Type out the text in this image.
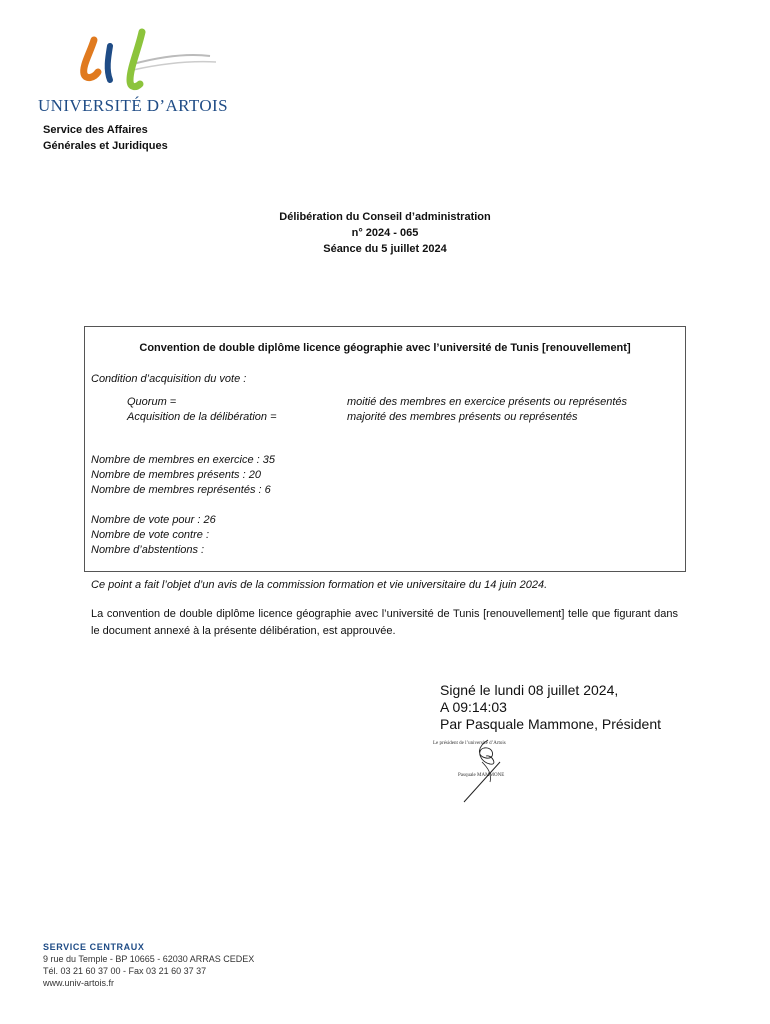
UNIVERSITÉ D’ARTOIS
Service des Affaires
Générales et Juridiques
Délibération du Conseil d’administration
n° 2024 - 065
Séance du 5 juillet 2024
Convention de double diplôme licence géographie avec l’université de Tunis [renouvellement]
Condition d’acquisition du vote :
Quorum =	moitié des membres en exercice présents ou représentés
Acquisition de la délibération =	majorité des membres présents ou représentés
Nombre de membres en exercice : 35
Nombre de membres présents : 20
Nombre de membres représentés : 6
Nombre de vote pour : 26
Nombre de vote contre :
Nombre d’abstentions :
Ce point a fait l’objet d’un avis de la commission formation et vie universitaire du 14 juin 2024.
La convention de double diplôme licence géographie avec l’université de Tunis [renouvellement] telle que figurant dans le document annexé à la présente délibération, est approuvée.
Signé le lundi 08 juillet 2024,
A 09:14:03
Par Pasquale Mammone, Président
Le président de l’université d’Artois
Pasquale MAMMONE
SERVICE CENTRAUX
9 rue du Temple - BP 10665 - 62030 ARRAS CEDEX
Tél. 03 21 60 37 00 - Fax 03 21 60 37 37
www.univ-artois.fr
